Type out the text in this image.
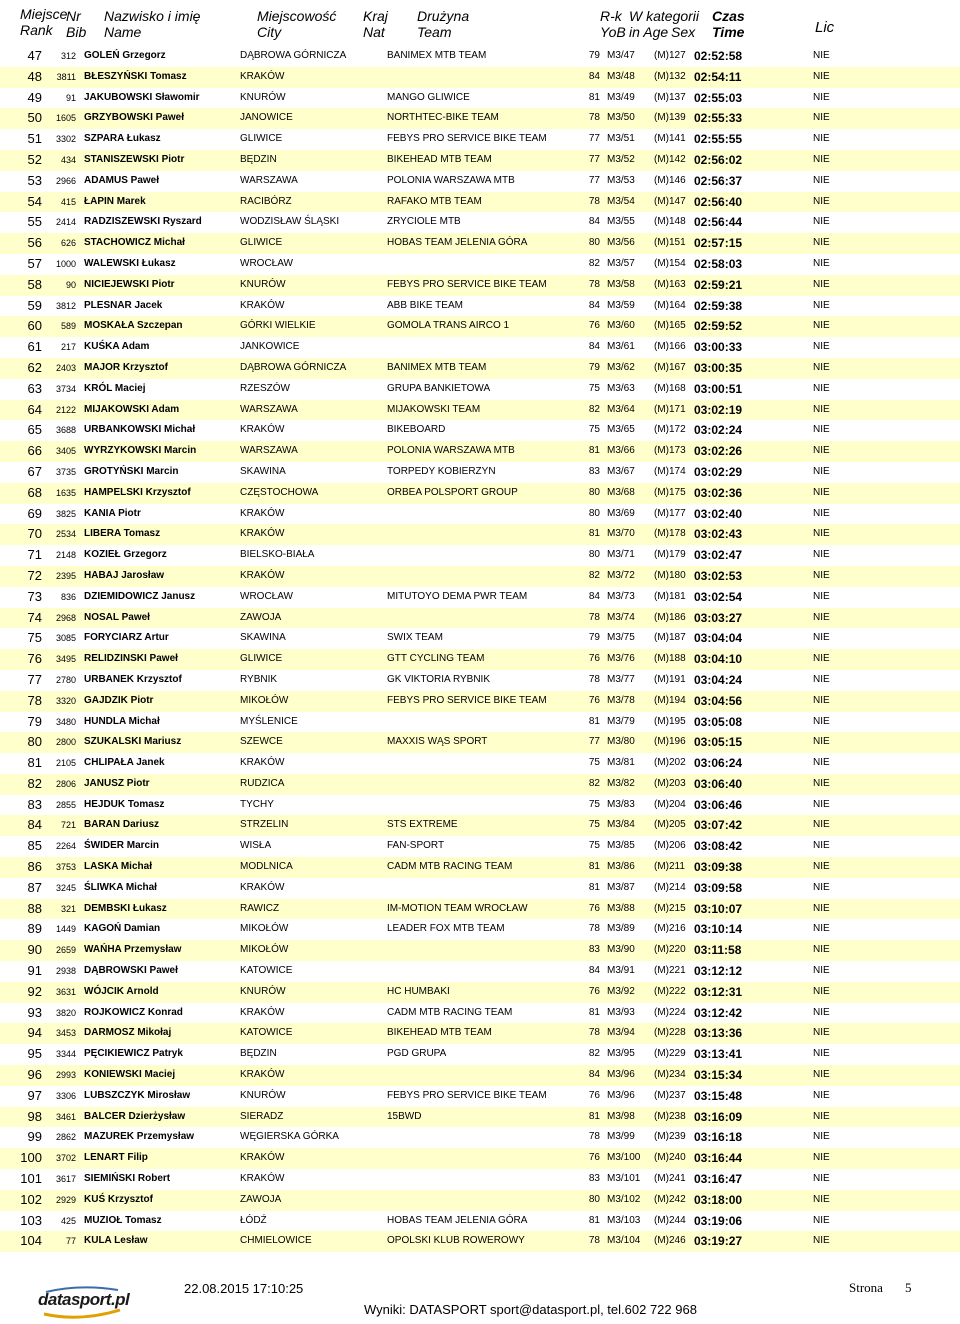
Miejsce
Rank
Nr
Bib
Nazwisko i imię
Name
Miejscowość
City
Kraj
Nat
Drużyna
Team
R-k
YoB
W kategorii
in Age Sex
Czas
Time	Lic
47	312 GOLEŃ Grzegorz	DĄBROWA GÓRNICZA	BANIMEX MTB TEAM	79 M3/47 (M)127 02:52:58	NIE
48	3811 BŁESZYŃSKI Tomasz	KRAKÓW	84 M3/48 (M)132 02:54:11	NIE
49	91 JAKUBOWSKI Sławomir	KNURÓW	MANGO GLIWICE	81 M3/49 (M)137 02:55:03	NIE
50	1605 GRZYBOWSKI Paweł	JANOWICE	NORTHTEC-BIKE TEAM	78 M3/50 (M)139 02:55:33	NIE
51	3302 SZPARA Łukasz	GLIWICE	FEBYS PRO SERVICE BIKE TEAM	77 M3/51 (M)141 02:55:55	NIE
52	434 STANISZEWSKI Piotr	BĘDZIN	BIKEHEAD MTB TEAM	77 M3/52 (M)142 02:56:02	NIE
53	2966 ADAMUS Paweł	WARSZAWA	POLONIA WARSZAWA MTB	77 M3/53 (M)146 02:56:37	NIE
54	415 ŁAPIN Marek	RACIBÓRZ	RAFAKO MTB TEAM	78 M3/54 (M)147 02:56:40	NIE
55	2414 RADZISZEWSKI Ryszard	WODZISŁAW ŚLĄSKI	ZRYCIOLE MTB	84 M3/55 (M)148 02:56:44	NIE
56	626 STACHOWICZ Michał	GLIWICE	HOBAS TEAM JELENIA GÓRA	80 M3/56 (M)151 02:57:15	NIE
57	1000 WALEWSKI Łukasz	WROCŁAW	82 M3/57 (M)154 02:58:03	NIE
58	90 NICIEJEWSKI Piotr	KNURÓW	FEBYS PRO SERVICE BIKE TEAM	78 M3/58 (M)163 02:59:21	NIE
59	3812 PLESNAR Jacek	KRAKÓW	ABB BIKE TEAM	84 M3/59 (M)164 02:59:38	NIE
60	589 MOSKAŁA Szczepan	GÓRKI WIELKIE	GOMOLA TRANS AIRCO 1	76 M3/60 (M)165 02:59:52	NIE
61	217 KUŚKA Adam	JANKOWICE	84 M3/61 (M)166 03:00:33	NIE
62	2403 MAJOR Krzysztof	DĄBROWA GÓRNICZA	BANIMEX MTB TEAM	79 M3/62 (M)167 03:00:35	NIE
63	3734 KRÓL Maciej	RZESZÓW	GRUPA BANKIETOWA	75 M3/63 (M)168 03:00:51	NIE
64	2122 MIJAKOWSKI Adam	WARSZAWA	MIJAKOWSKI TEAM	82 M3/64 (M)171 03:02:19	NIE
65	3688 URBANKOWSKI Michał	KRAKÓW	BIKEBOARD	75 M3/65 (M)172 03:02:24	NIE
66	3405 WYRZYKOWSKI Marcin	WARSZAWA	POLONIA WARSZAWA MTB	81 M3/66 (M)173 03:02:26	NIE
67	3735 GROTYŃSKI Marcin	SKAWINA	TORPEDY KOBIERZYN	83 M3/67 (M)174 03:02:29	NIE
68	1635 HAMPELSKI Krzysztof	CZĘSTOCHOWA	ORBEA POLSPORT GROUP	80 M3/68 (M)175 03:02:36	NIE
69	3825 KANIA Piotr	KRAKÓW	80 M3/69 (M)177 03:02:40	NIE
70	2534 LIBERA Tomasz	KRAKÓW	81 M3/70 (M)178 03:02:43	NIE
71	2148 KOZIEŁ Grzegorz	BIELSKO-BIAŁA	80 M3/71 (M)179 03:02:47	NIE
72	2395 HABAJ Jarosław	KRAKÓW	82 M3/72 (M)180 03:02:53	NIE
73	836 DZIEMIDOWICZ Janusz	WROCŁAW	MITUTOYO DEMA PWR TEAM	84 M3/73 (M)181 03:02:54	NIE
74	2968 NOSAL Paweł	ZAWOJA	78 M3/74 (M)186 03:03:27	NIE
75	3085 FORYCIARZ Artur	SKAWINA	SWIX TEAM	79 M3/75 (M)187 03:04:04	NIE
76	3495 RELIDZINSKI Paweł	GLIWICE	GTT CYCLING TEAM	76 M3/76 (M)188 03:04:10	NIE
77	2780 URBANEK Krzysztof	RYBNIK	GK VIKTORIA RYBNIK	78 M3/77 (M)191 03:04:24	NIE
78	3320 GAJDZIK Piotr	MIKOŁÓW	FEBYS PRO SERVICE BIKE TEAM	76 M3/78 (M)194 03:04:56	NIE
79	3480 HUNDLA Michał	MYŚLENICE	81 M3/79 (M)195 03:05:08	NIE
80	2800 SZUKALSKI Mariusz	SZEWCE	MAXXIS WĄS SPORT	77 M3/80 (M)196 03:05:15	NIE
81	2105 CHLIPAŁA Janek	KRAKÓW	75 M3/81 (M)202 03:06:24	NIE
82	2806 JANUSZ Piotr	RUDZICA	82 M3/82 (M)203 03:06:40	NIE
83	2855 HEJDUK Tomasz	TYCHY	75 M3/83 (M)204 03:06:46	NIE
84	721 BARAN Dariusz	STRZELIN	STS EXTREME	75 M3/84 (M)205 03:07:42	NIE
85	2264 ŚWIDER Marcin	WISŁA	FAN-SPORT	75 M3/85 (M)206 03:08:42	NIE
86	3753 LASKA Michał	MODLNICA	CADM MTB RACING TEAM	81 M3/86 (M)211 03:09:38	NIE
87	3245 ŚLIWKA Michał	KRAKÓW	81 M3/87 (M)214 03:09:58	NIE
88	321 DEMBSKI Łukasz	RAWICZ	IM-MOTION TEAM WROCŁAW	76 M3/88 (M)215 03:10:07	NIE
89	1449 KAGOŃ Damian	MIKOŁÓW	LEADER FOX MTB TEAM	78 M3/89 (M)216 03:10:14	NIE
90	2659 WAŃHA Przemysław	MIKOŁÓW	83 M3/90 (M)220 03:11:58	NIE
91	2938 DĄBROWSKI Paweł	KATOWICE	84 M3/91 (M)221 03:12:12	NIE
92	3631 WÓJCIK Arnold	KNURÓW	HC HUMBAKI	76 M3/92 (M)222 03:12:31	NIE
93	3820 ROJKOWICZ Konrad	KRAKÓW	CADM MTB RACING TEAM	81 M3/93 (M)224 03:12:42	NIE
94	3453 DARMOSZ Mikołaj	KATOWICE	BIKEHEAD MTB TEAM	78 M3/94 (M)228 03:13:36	NIE
95	3344 PĘCIKIEWICZ Patryk	BĘDZIN	PGD GRUPA	82 M3/95 (M)229 03:13:41	NIE
96	2993 KONIEWSKI Maciej	KRAKÓW	84 M3/96 (M)234 03:15:34	NIE
97	3306 LUBSZCZYK Mirosław	KNURÓW	FEBYS PRO SERVICE BIKE TEAM	76 M3/96 (M)237 03:15:48	NIE
98	3461 BALCER Dzierżysław	SIERADZ	15BWD	81 M3/98 (M)238 03:16:09	NIE
99	2862 MAZUREK Przemysław	WĘGIERSKA GÓRKA	78 M3/99 (M)239 03:16:18	NIE
100	3702 LENART Filip	KRAKÓW	76 M3/100 (M)240 03:16:44	NIE
101	3617 SIEMIŃSKI Robert	KRAKÓW	83 M3/101 (M)241 03:16:47	NIE
102	2929 KUŚ Krzysztof	ZAWOJA	80 M3/102 (M)242 03:18:00	NIE
103	425 MUZIOŁ Tomasz	ŁÓDŹ	HOBAS TEAM JELENIA GÓRA	81 M3/103 (M)244 03:19:06	NIE
104	77 KULA Lesław	CHMIELOWICE	OPOLSKI KLUB ROWEROWY	78 M3/104 (M)246 03:19:27	NIE
datasport.pl
22.08.2015 17:10:25
Wyniki: DATASPORT sport@datasport.pl, tel.602 722 968
Strona 5
